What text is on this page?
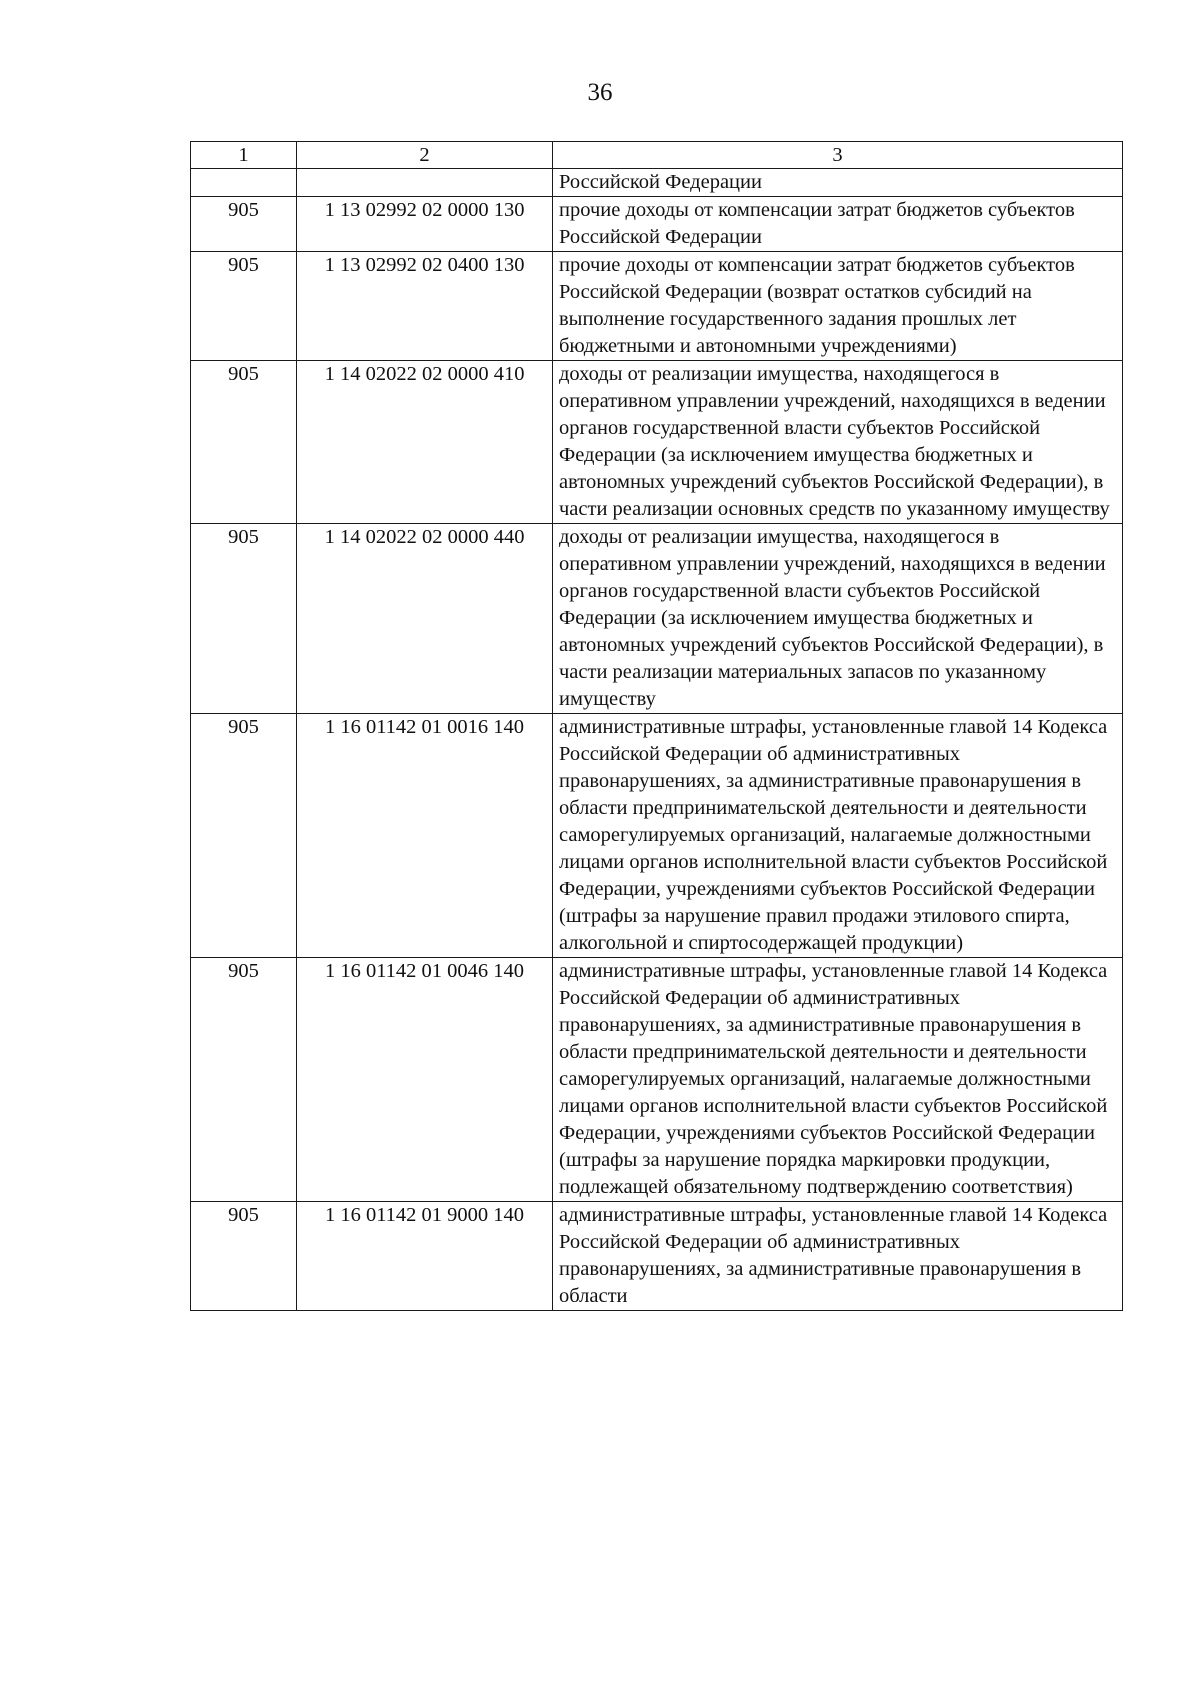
36
1	2	3
		Российской Федерации
905	1 13 02992 02 0000 130	прочие доходы от компенсации затрат бюджетов субъектов Российской Федерации
905	1 13 02992 02 0400 130	прочие доходы от компенсации затрат бюджетов субъектов Российской Федерации (возврат остатков субсидий на выполнение государственного задания прошлых лет бюджетными и автономными учреждениями)
905	1 14 02022 02 0000 410	доходы от реализации имущества, находящегося в оперативном управлении учреждений, находящихся в ведении органов государственной власти субъектов Российской Федерации (за исключением имущества бюджетных и автономных учреждений субъектов Российской Федерации), в части реализации основных средств по указанному имуществу
905	1 14 02022 02 0000 440	доходы от реализации имущества, находящегося в оперативном управлении учреждений, находящихся в ведении органов государственной власти субъектов Российской Федерации (за исключением имущества бюджетных и автономных учреждений субъектов Российской Федерации), в части реализации материальных запасов по указанному имуществу
905	1 16 01142 01 0016 140	административные штрафы, установленные главой 14 Кодекса Российской Федерации об административных правонарушениях, за административные правонарушения в области предпринимательской деятельности и деятельности саморегулируемых организаций, налагаемые должностными лицами органов исполнительной власти субъектов Российской Федерации, учреждениями субъектов Российской Федерации (штрафы за нарушение правил продажи этилового спирта, алкогольной и спиртосодержащей продукции)
905	1 16 01142 01 0046 140	административные штрафы, установленные главой 14 Кодекса Российской Федерации об административных правонарушениях, за административные правонарушения в области предпринимательской деятельности и деятельности саморегулируемых организаций, налагаемые должностными лицами органов исполнительной власти субъектов Российской Федерации, учреждениями субъектов Российской Федерации (штрафы за нарушение порядка маркировки продукции, подлежащей обязательному подтверждению соответствия)
905	1 16 01142 01 9000 140	административные штрафы, установленные главой 14 Кодекса Российской Федерации об административных правонарушениях, за административные правонарушения в области
